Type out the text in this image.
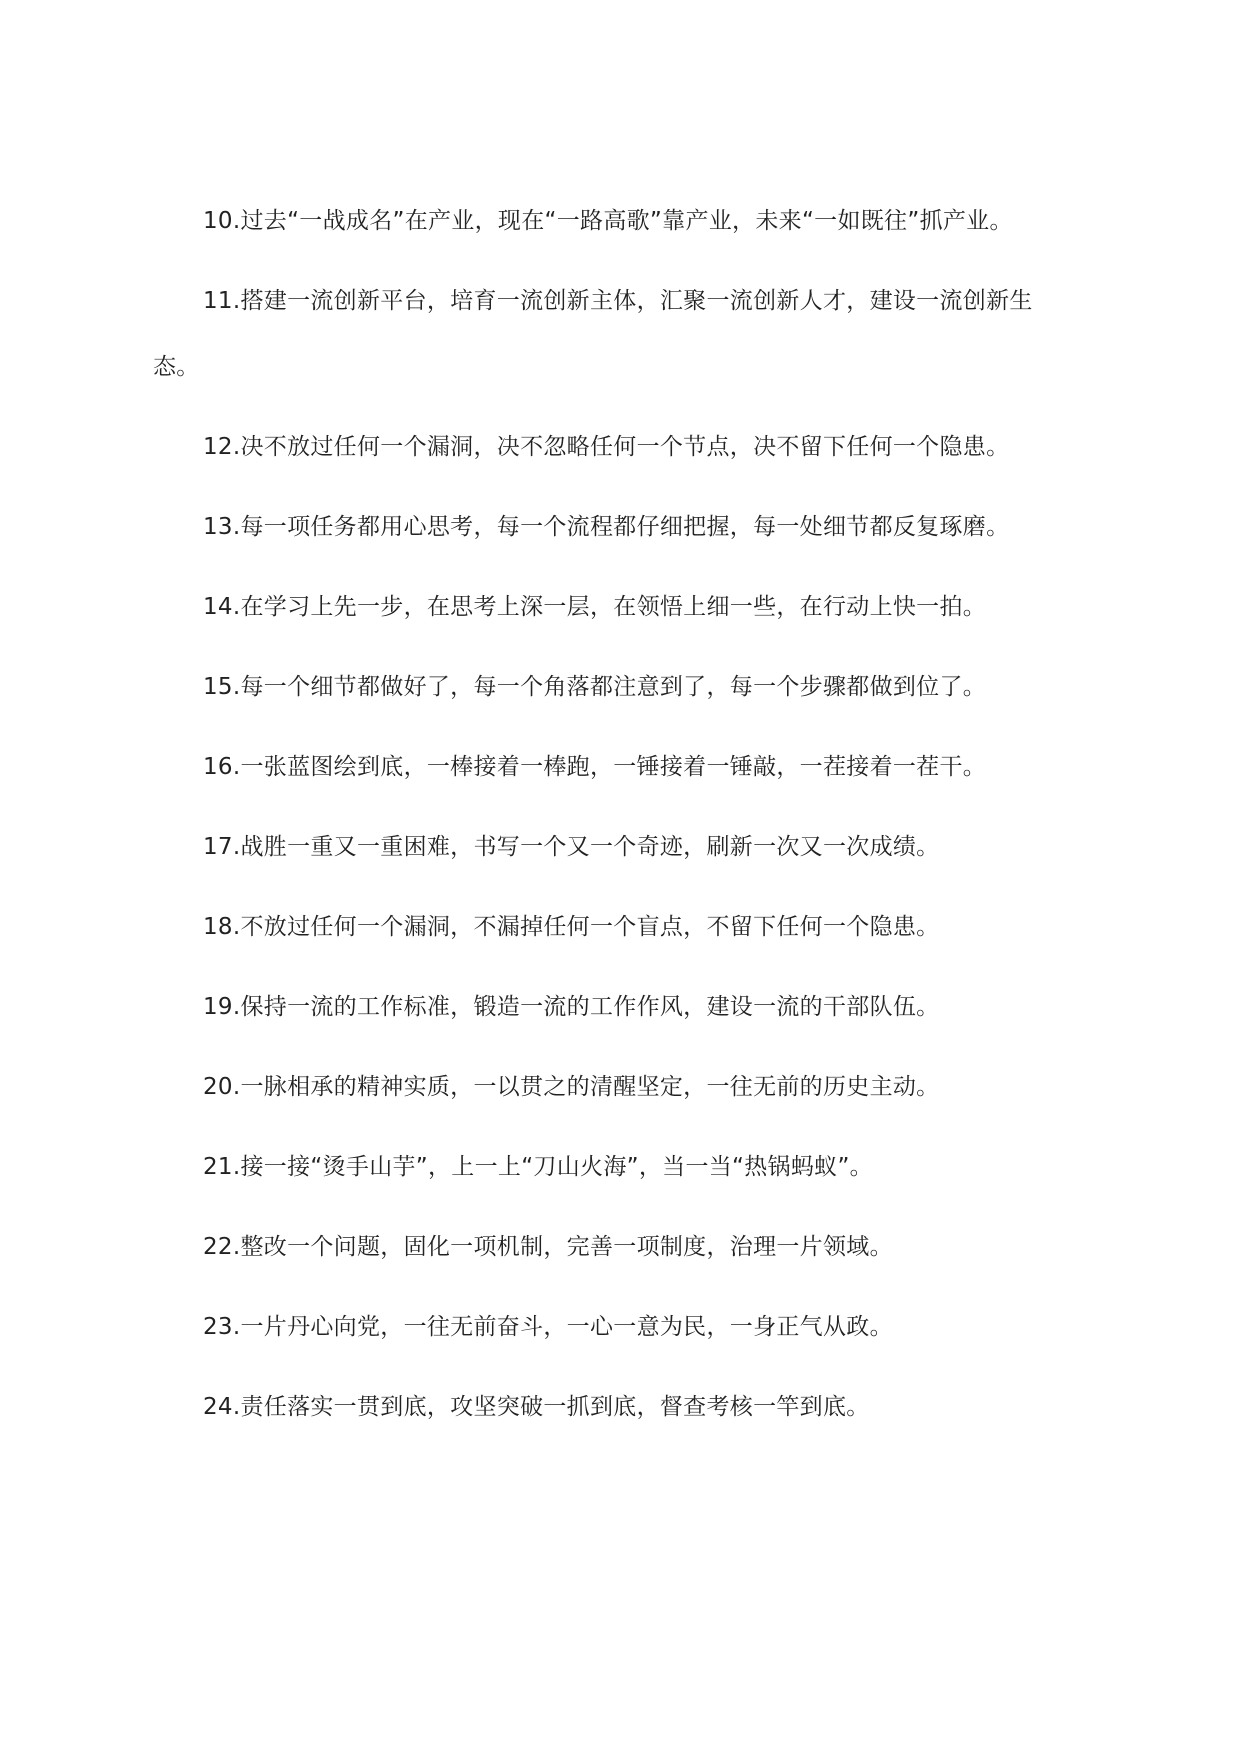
10.过去“一战成名”在产业，现在“一路高歌”靠产业，未来“一如既往”抓产业。

11.搭建一流创新平台，培育一流创新主体，汇聚一流创新人才，建设一流创新生态。

12.决不放过任何一个漏洞，决不忽略任何一个节点，决不留下任何一个隐患。

13.每一项任务都用心思考，每一个流程都仔细把握，每一处细节都反复琢磨。

14.在学习上先一步，在思考上深一层，在领悟上细一些，在行动上快一拍。

15.每一个细节都做好了，每一个角落都注意到了，每一个步骤都做到位了。

16.一张蓝图绘到底，一棒接着一棒跑，一锤接着一锤敲，一茬接着一茬干。

17.战胜一重又一重困难，书写一个又一个奇迹，刷新一次又一次成绩。

18.不放过任何一个漏洞，不漏掉任何一个盲点，不留下任何一个隐患。

19.保持一流的工作标准，锻造一流的工作作风，建设一流的干部队伍。

20.一脉相承的精神实质，一以贯之的清醒坚定，一往无前的历史主动。

21.接一接“烫手山芋”，上一上“刀山火海”，当一当“热锅蚂蚁”。

22.整改一个问题，固化一项机制，完善一项制度，治理一片领域。

23.一片丹心向党，一往无前奋斗，一心一意为民，一身正气从政。

24.责任落实一贯到底，攻坚突破一抓到底，督查考核一竿到底。
